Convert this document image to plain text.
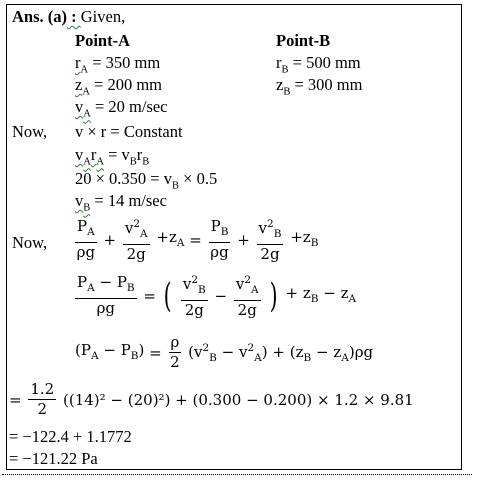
Ans. (a) : Given,
Point-A	Point-B
$r_A = 350$ mm
$z_A = 200$ mm
$v_A = 20$ m/sec
$r_B = 500$ mm
$z_B = 300$ mm
Now, v × r = Constant
$v_Ar_A = v_Br_B$
$20 \times 0.350 = v_B \times 0.5$
$v_B = 14$ m/sec
Now, $\frac{P_A}{\rho g} + \frac{v^2_A}{2g} +z_A = \frac{P_B}{\rho g} + \frac{v^2_B}{2g} +z_B$
$\frac{P_A - P_B}{\rho g}$ = ( $\frac{v^2_B}{2g} - \frac{v^2_A}{2g}$ ) + $z_B - z_A$
$(P_A - P_B) = \frac{\rho}{2} (v^2_B - v^2_A) + (z_B - z_A)\rho g$
= $\frac{1.2}{2} ((14)^2 - (20)^2) + (0.300 - 0.200) \times 1.2 \times 9.81$
= −122.4 + 1.1772
= −121.22 Pa
